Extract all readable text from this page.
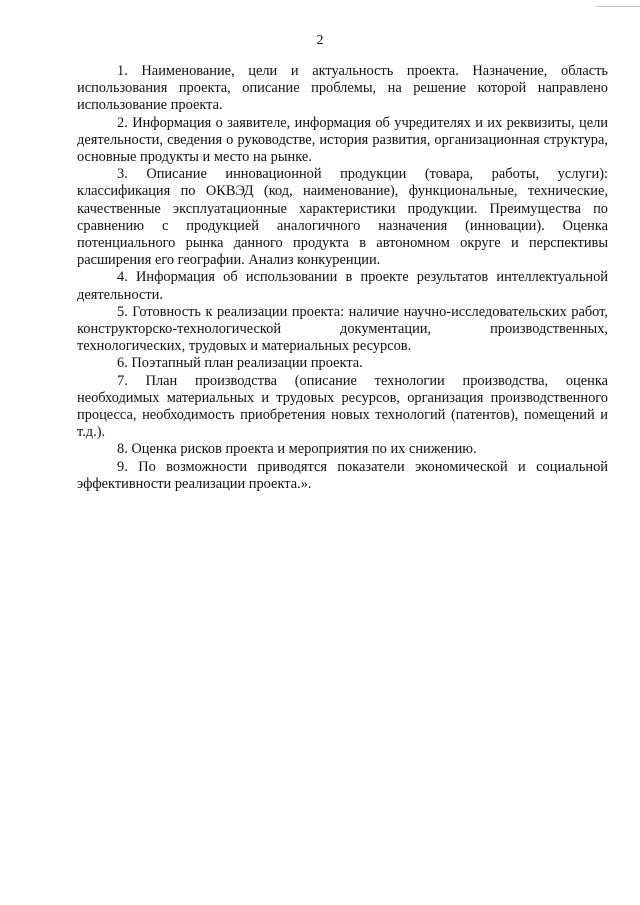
2

1. Наименование, цели и актуальность проекта. Назначение, область использования проекта, описание проблемы, на решение которой направлено использование проекта.

2. Информация о заявителе, информация об учредителях и их реквизиты, цели деятельности, сведения о руководстве, история развития, организационная структура, основные продукты и место на рынке.

3. Описание инновационной продукции (товара, работы, услуги): классификация по ОКВЭД (код, наименование), функциональные, технические, качественные эксплуатационные характеристики продукции. Преимущества по сравнению с продукцией аналогичного назначения (инновации). Оценка потенциального рынка данного продукта в автономном округе и перспективы расширения его географии. Анализ конкуренции.

4. Информация об использовании в проекте результатов интеллектуальной деятельности.

5. Готовность к реализации проекта: наличие научно-исследовательских работ, конструкторско-технологической документации, производственных, технологических, трудовых и материальных ресурсов.

6. Поэтапный план реализации проекта.

7. План производства (описание технологии производства, оценка необходимых материальных и трудовых ресурсов, организация производственного процесса, необходимость приобретения новых технологий (патентов), помещений и т.д.).

8. Оценка рисков проекта и мероприятия по их снижению.

9. По возможности приводятся показатели экономической и социальной эффективности реализации проекта.».
